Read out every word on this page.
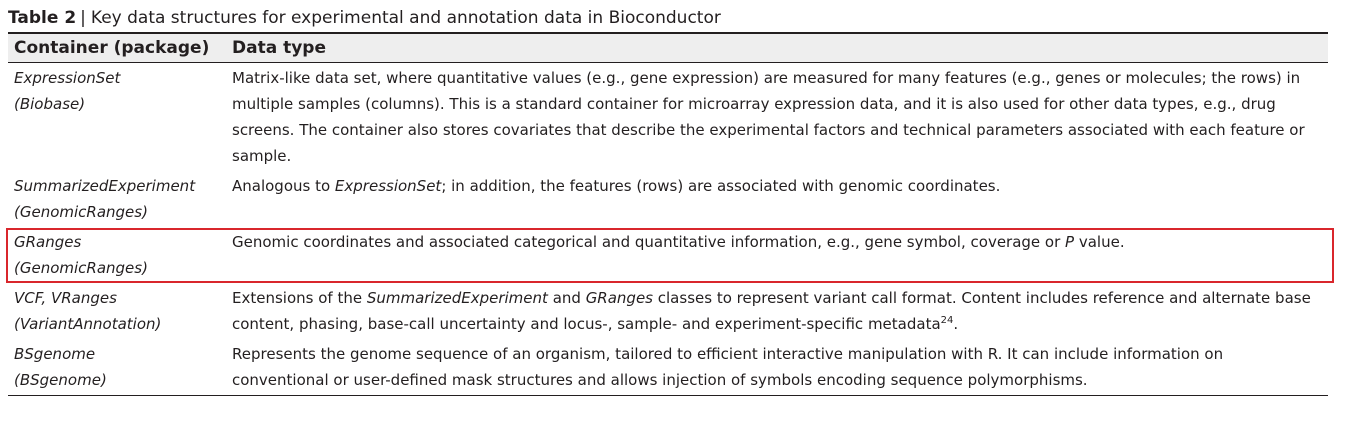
Table 2 | Key data structures for experimental and annotation data in Bioconductor
Container (package)	Data type
ExpressionSet
(Biobase)
Matrix-like data set, where quantitative values (e.g., gene expression) are measured for many features (e.g., genes or molecules; the rows) in multiple samples (columns). This is a standard container for microarray expression data, and it is also used for other data types, e.g., drug screens. The container also stores covariates that describe the experimental factors and technical parameters associated with each feature or sample.
SummarizedExperiment
(GenomicRanges)
Analogous to ExpressionSet; in addition, the features (rows) are associated with genomic coordinates.
GRanges
(GenomicRanges)
Genomic coordinates and associated categorical and quantitative information, e.g., gene symbol, coverage or P value.
VCF, VRanges
(VariantAnnotation)
Extensions of the SummarizedExperiment and GRanges classes to represent variant call format. Content includes reference and alternate base content, phasing, base-call uncertainty and locus-, sample- and experiment-specific metadata$^{24}$.
BSgenome
(BSgenome)
Represents the genome sequence of an organism, tailored to efficient interactive manipulation with R. It can include information on conventional or user-defined mask structures and allows injection of symbols encoding sequence polymorphisms.
